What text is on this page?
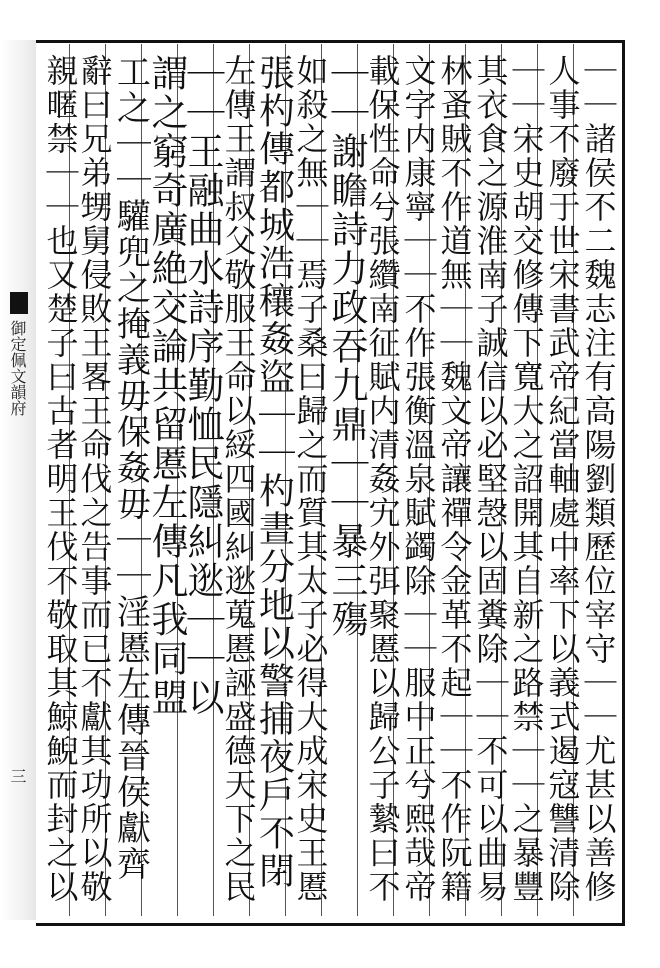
御定佩文韻府
三	｜｜諸侯不二魏志注有高陽劉類歷位宰守｜｜尤甚以善修
人事不廢于世宋書武帝紀當軸處中率下以義式遏寇讐清除
｜｜宋史胡交修傳下寬大之詔開其自新之路禁｜｜之暴豐
其衣食之源淮南子誠信以必堅愨以固糞除｜｜不可以曲易
林蚤賊不作道無｜｜魏文帝讓禪令金革不起｜｜不作阮籍
文字内康寧｜｜不作張衡溫泉賦蠲除｜｜服中正兮熙哉帝
載保性命兮張纘南征賦内清姦宄外弭聚慝以歸公子縶曰不
｜｜謝瞻詩力政吞九鼎｜｜暴三殤
如殺之無｜｜焉子桑曰歸之而質其太子必得大成宋史王慝
張杓傳都城浩穰姦盜｜｜杓晝分地以警捕夜戶不閉
左傳王謂叔父敬服王命以綏四國糾逖蒐慝誣盛德天下之民
｜｜王融曲水詩序勤恤民隱糾逖｜｜以
謂之窮奇廣絶交論共留慝左傳凡我同盟
工之｜｜驩兜之掩義毋保姦毋｜｜淫慝左傳晉侯獻齊
辭曰兄弟甥舅侵敗王畧王命伐之告事而已不獻其功所以敬
親暱禁｜｜也又楚子曰古者明王伐不敬取其鯨鯢而封之以
